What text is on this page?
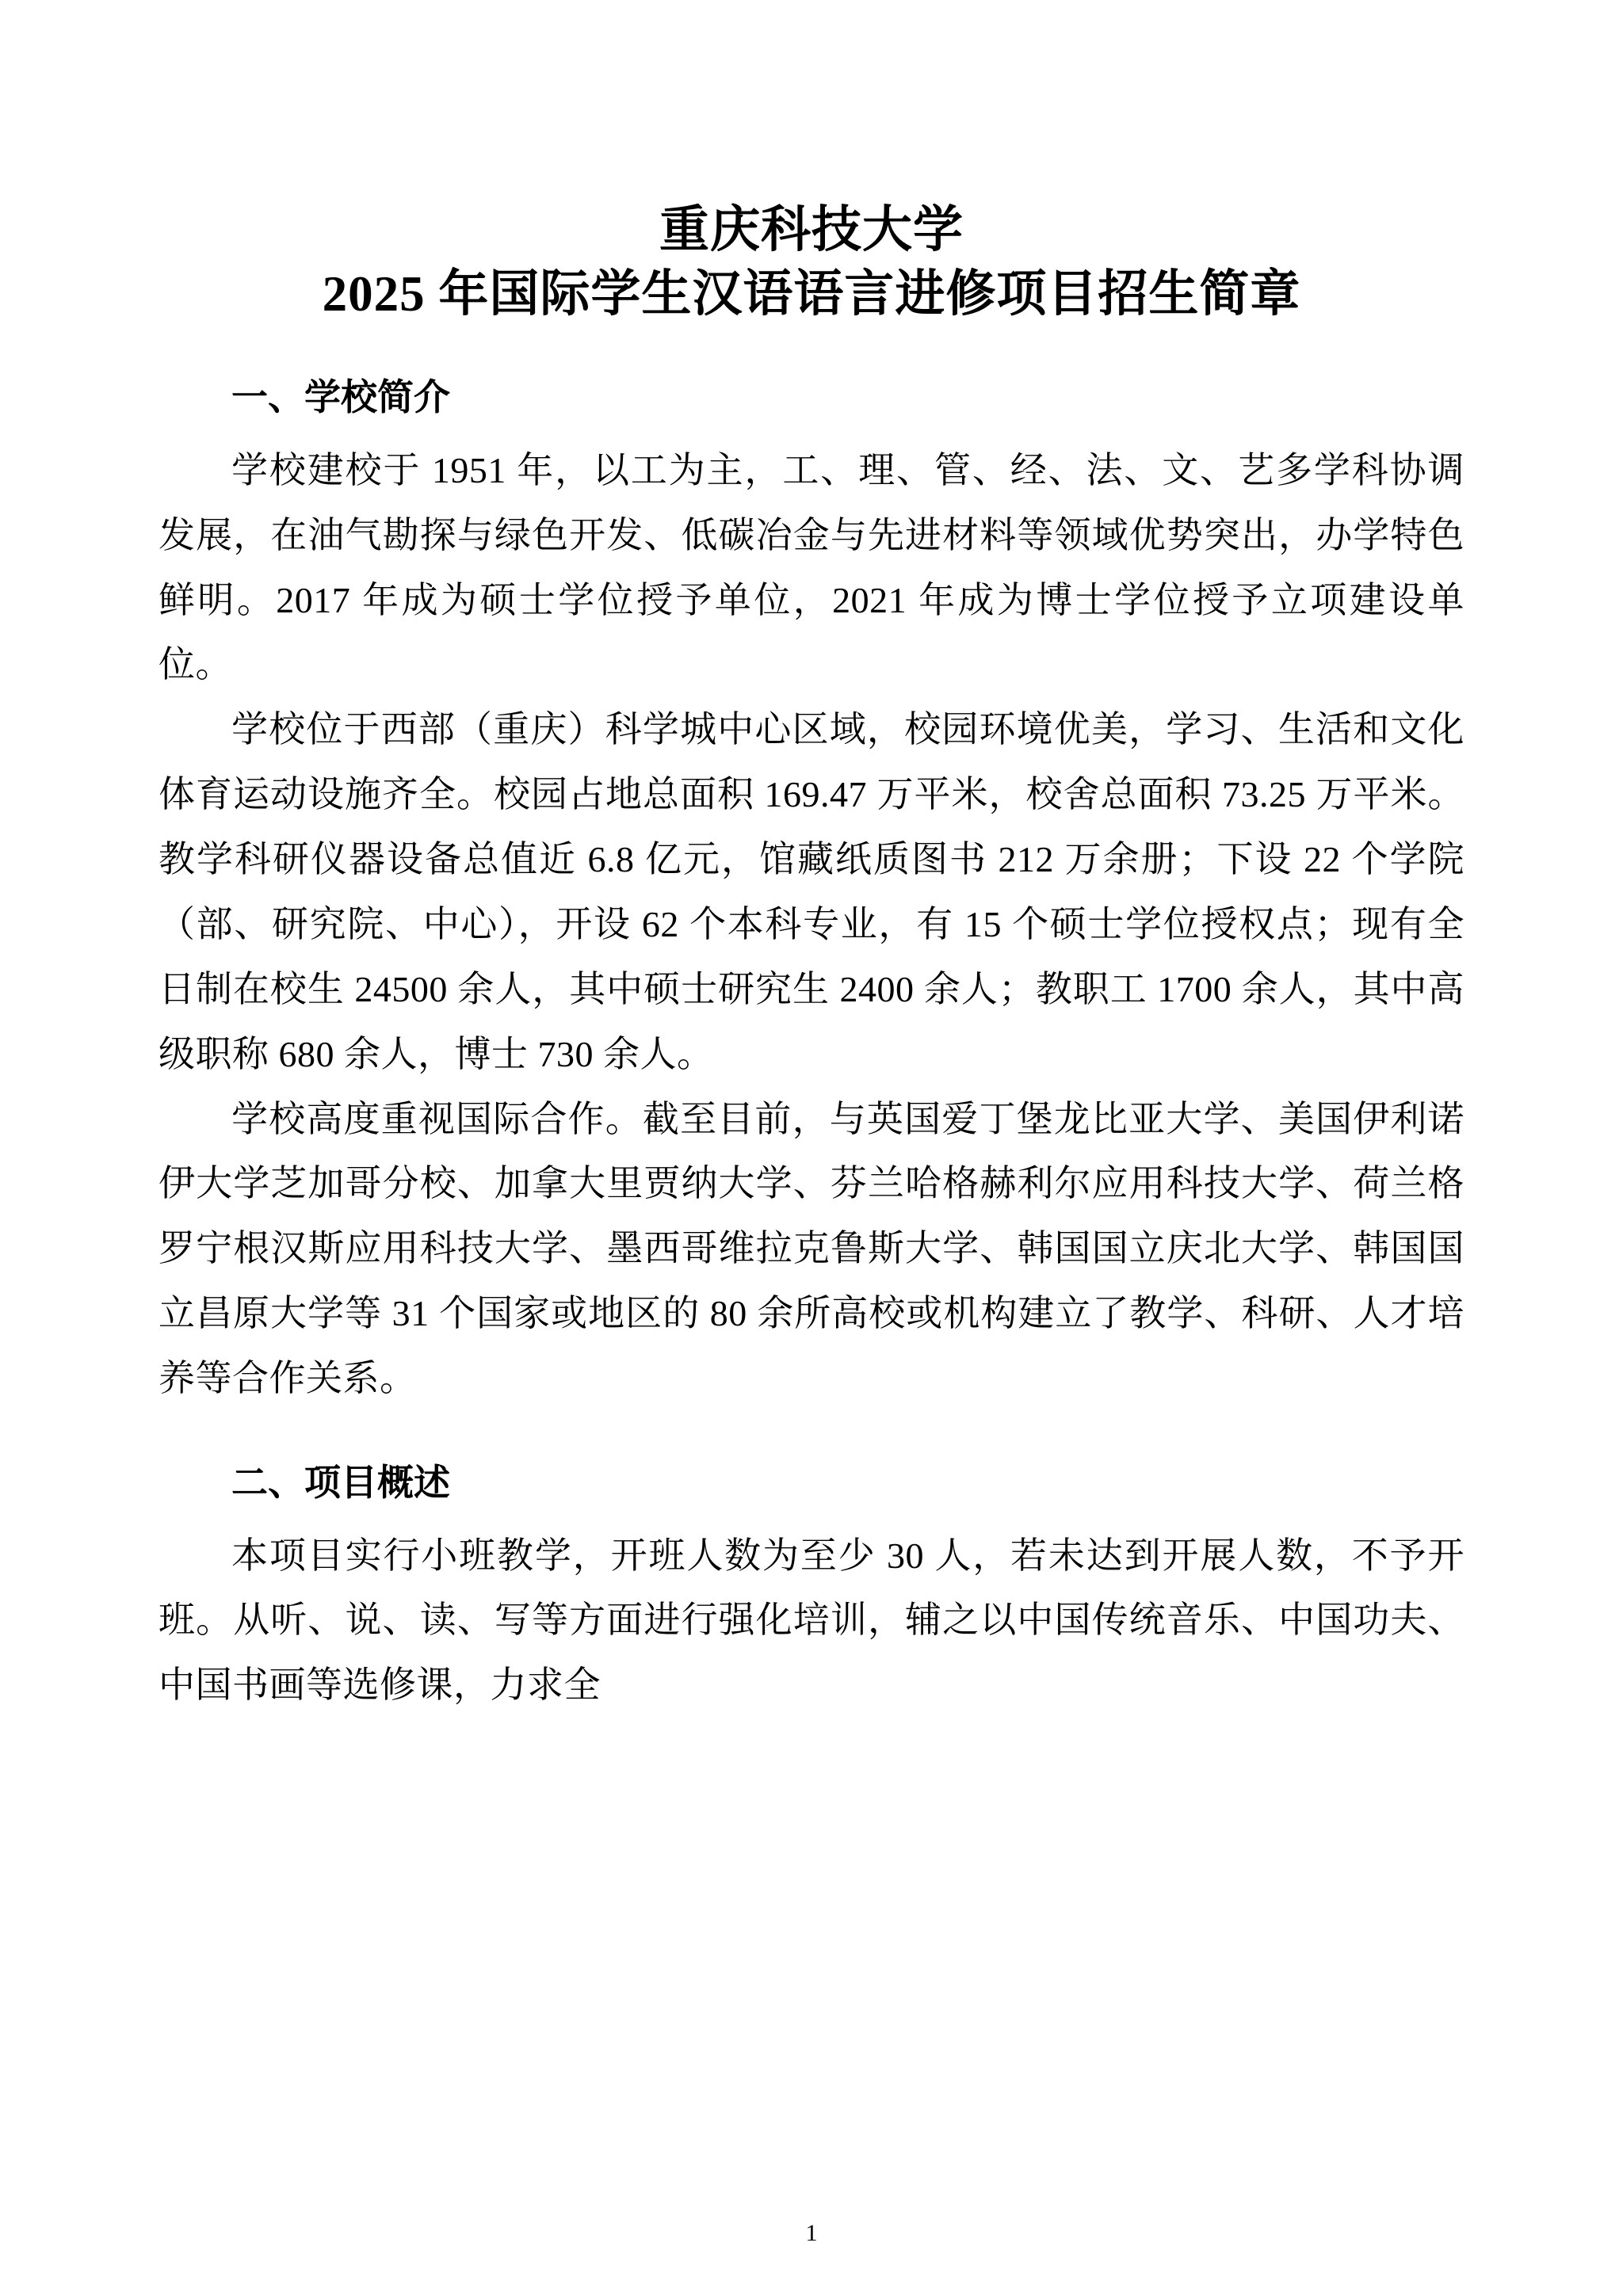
重庆科技大学
2025 年国际学生汉语语言进修项目招生简章
一、学校简介

学校建校于 1951 年，以工为主，工、理、管、经、法、文、艺多学科协调发展，在油气勘探与绿色开发、低碳冶金与先进材料等领域优势突出，办学特色鲜明。2017 年成为硕士学位授予单位，2021 年成为博士学位授予立项建设单位。

学校位于西部（重庆）科学城中心区域，校园环境优美，学习、生活和文化体育运动设施齐全。校园占地总面积 169.47 万平米，校舍总面积 73.25 万平米。教学科研仪器设备总值近 6.8 亿元，馆藏纸质图书 212 万余册；下设 22 个学院（部、研究院、中心），开设 62 个本科专业，有 15 个硕士学位授权点；现有全日制在校生 24500 余人，其中硕士研究生 2400 余人；教职工 1700 余人，其中高级职称 680 余人，博士 730 余人。

学校高度重视国际合作。截至目前，与英国爱丁堡龙比亚大学、美国伊利诺伊大学芝加哥分校、加拿大里贾纳大学、芬兰哈格赫利尔应用科技大学、荷兰格罗宁根汉斯应用科技大学、墨西哥维拉克鲁斯大学、韩国国立庆北大学、韩国国立昌原大学等 31 个国家或地区的 80 余所高校或机构建立了教学、科研、人才培养等合作关系。

二、项目概述

本项目实行小班教学，开班人数为至少 30 人，若未达到开展人数，不予开班。从听、说、读、写等方面进行强化培训，辅之以中国传统音乐、中国功夫、中国书画等选修课，力求全

1
